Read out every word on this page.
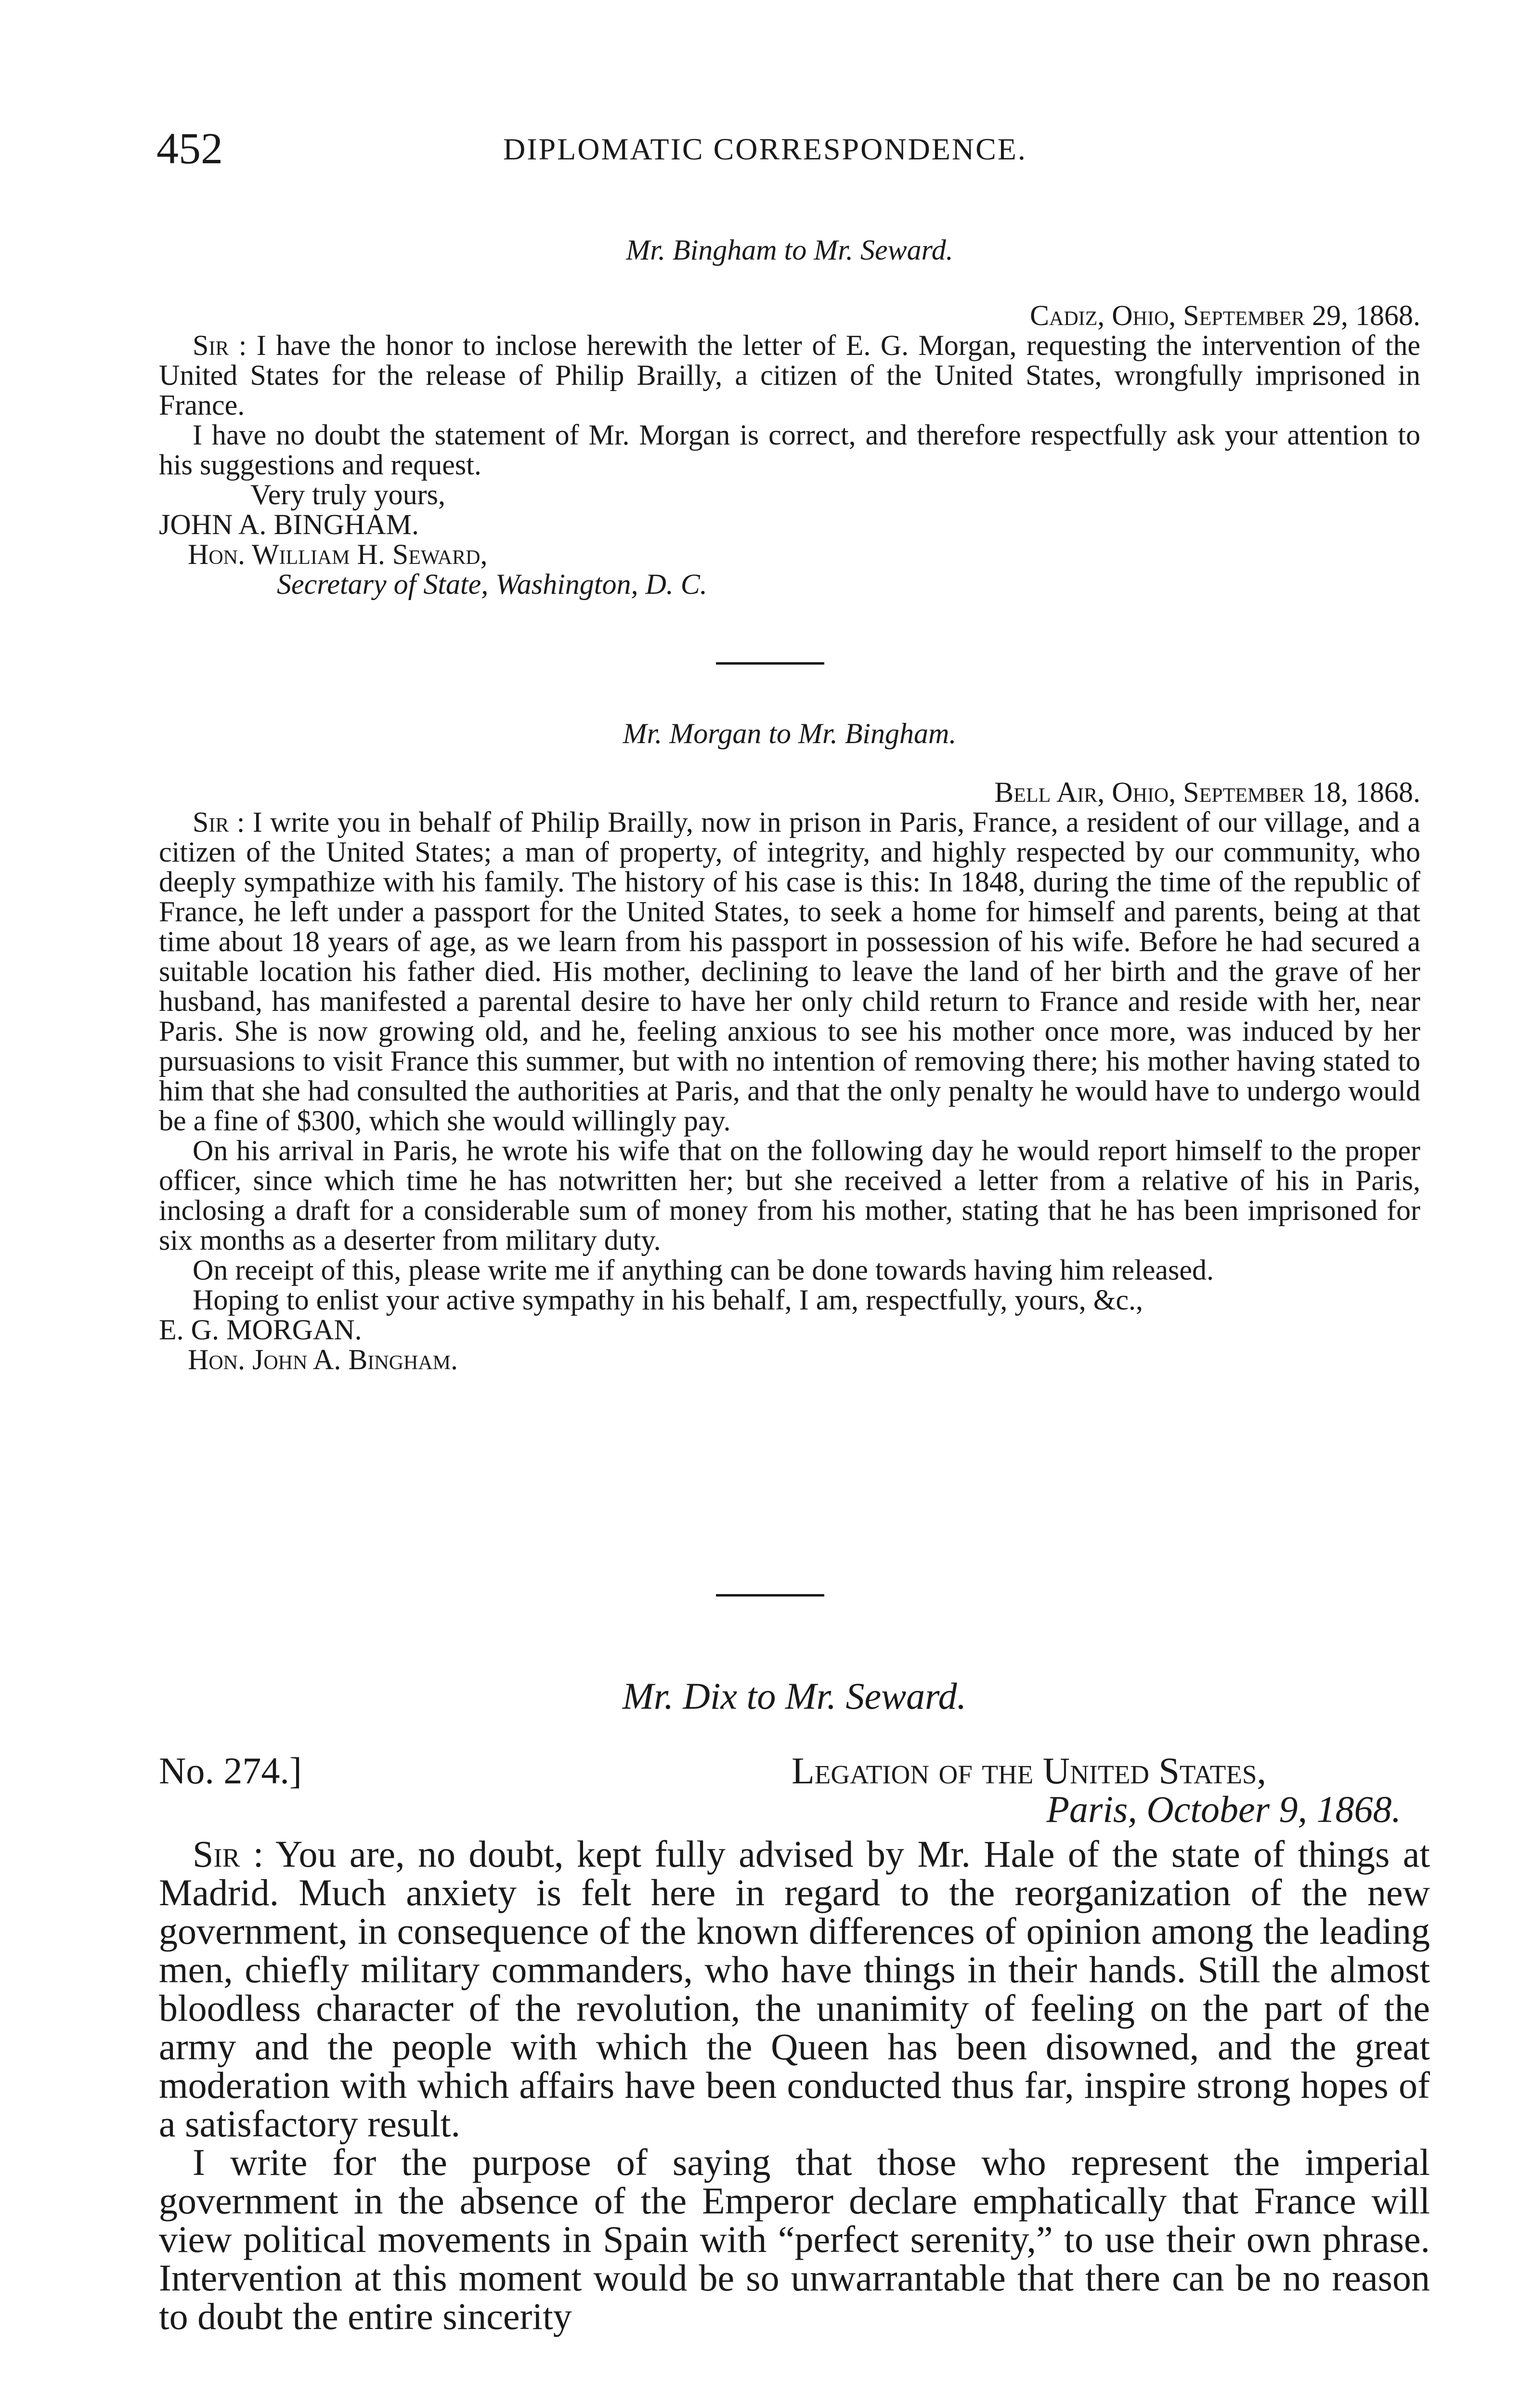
452	DIPLOMATIC CORRESPONDENCE.
Mr. Bingham to Mr. Seward.
Cadiz, Ohio, September 29, 1868.

Sir : I have the honor to inclose herewith the letter of E. G. Morgan, requesting the intervention of the United States for the release of Philip Brailly, a citizen of the United States, wrongfully imprisoned in France.

I have no doubt the statement of Mr. Morgan is correct, and therefore respectfully ask your attention to his suggestions and request.

Very truly yours,

JOHN A. BINGHAM.

Hon. William H. Seward,

Secretary of State, Washington, D. C.

Mr. Morgan to Mr. Bingham.
Bell Air, Ohio, September 18, 1868.

Sir : I write you in behalf of Philip Brailly, now in prison in Paris, France, a resident of our village, and a citizen of the United States; a man of property, of integrity, and highly respected by our community, who deeply sympathize with his family. The history of his case is this: In 1848, during the time of the republic of France, he left under a passport for the United States, to seek a home for himself and parents, being at that time about 18 years of age, as we learn from his passport in possession of his wife. Before he had secured a suitable location his father died. His mother, declining to leave the land of her birth and the grave of her husband, has manifested a parental desire to have her only child return to France and reside with her, near Paris. She is now growing old, and he, feeling anxious to see his mother once more, was induced by her pursuasions to visit France this summer, but with no intention of removing there; his mother having stated to him that she had consulted the authorities at Paris, and that the only penalty he would have to undergo would be a fine of $300, which she would willingly pay.

On his arrival in Paris, he wrote his wife that on the following day he would report himself to the proper officer, since which time he has notwritten her; but she received a letter from a relative of his in Paris, inclosing a draft for a considerable sum of money from his mother, stating that he has been imprisoned for six months as a deserter from military duty.

On receipt of this, please write me if anything can be done towards having him released.

Hoping to enlist your active sympathy in his behalf, I am, respectfully, yours, &c.,

E. G. MORGAN.

Hon. John A. Bingham.

Mr. Dix to Mr. Seward.
No. 274.]	Legation of the United States,
Paris, October 9, 1868.

Sir : You are, no doubt, kept fully advised by Mr. Hale of the state of things at Madrid. Much anxiety is felt here in regard to the reorganization of the new government, in consequence of the known differences of opinion among the leading men, chiefly military commanders, who have things in their hands. Still the almost bloodless character of the revolution, the unanimity of feeling on the part of the army and the people with which the Queen has been disowned, and the great moderation with which affairs have been conducted thus far, inspire strong hopes of a satisfactory result.

I write for the purpose of saying that those who represent the imperial government in the absence of the Emperor declare emphatically that France will view political movements in Spain with “perfect serenity,” to use their own phrase. Intervention at this moment would be so unwarrantable that there can be no reason to doubt the entire sincerity
